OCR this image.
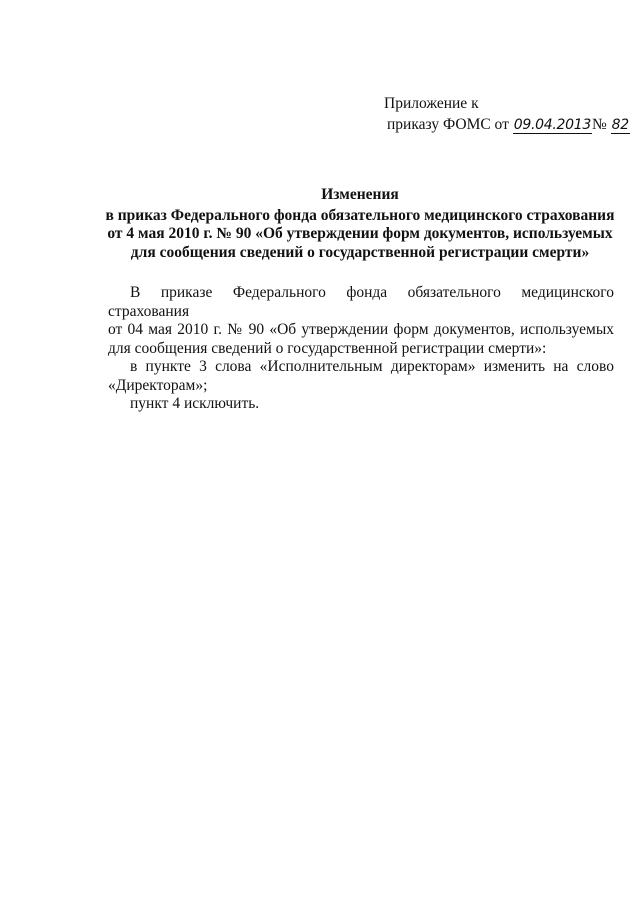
Приложение к
приказу ФОМС от 09.04.2013№ 82
Изменения
в приказ Федерального фонда обязательного медицинского страхования
от 4 мая 2010 г. № 90 «Об утверждении форм документов, используемых
для сообщения сведений о государственной регистрации смерти»
В приказе Федерального фонда обязательного медицинского страхования
от 04 мая 2010 г. № 90 «Об утверждении форм документов, используемых
для сообщения сведений о государственной регистрации смерти»:
в пункте 3 слова «Исполнительным директорам» изменить на слово
«Директорам»;
пункт 4 исключить.
